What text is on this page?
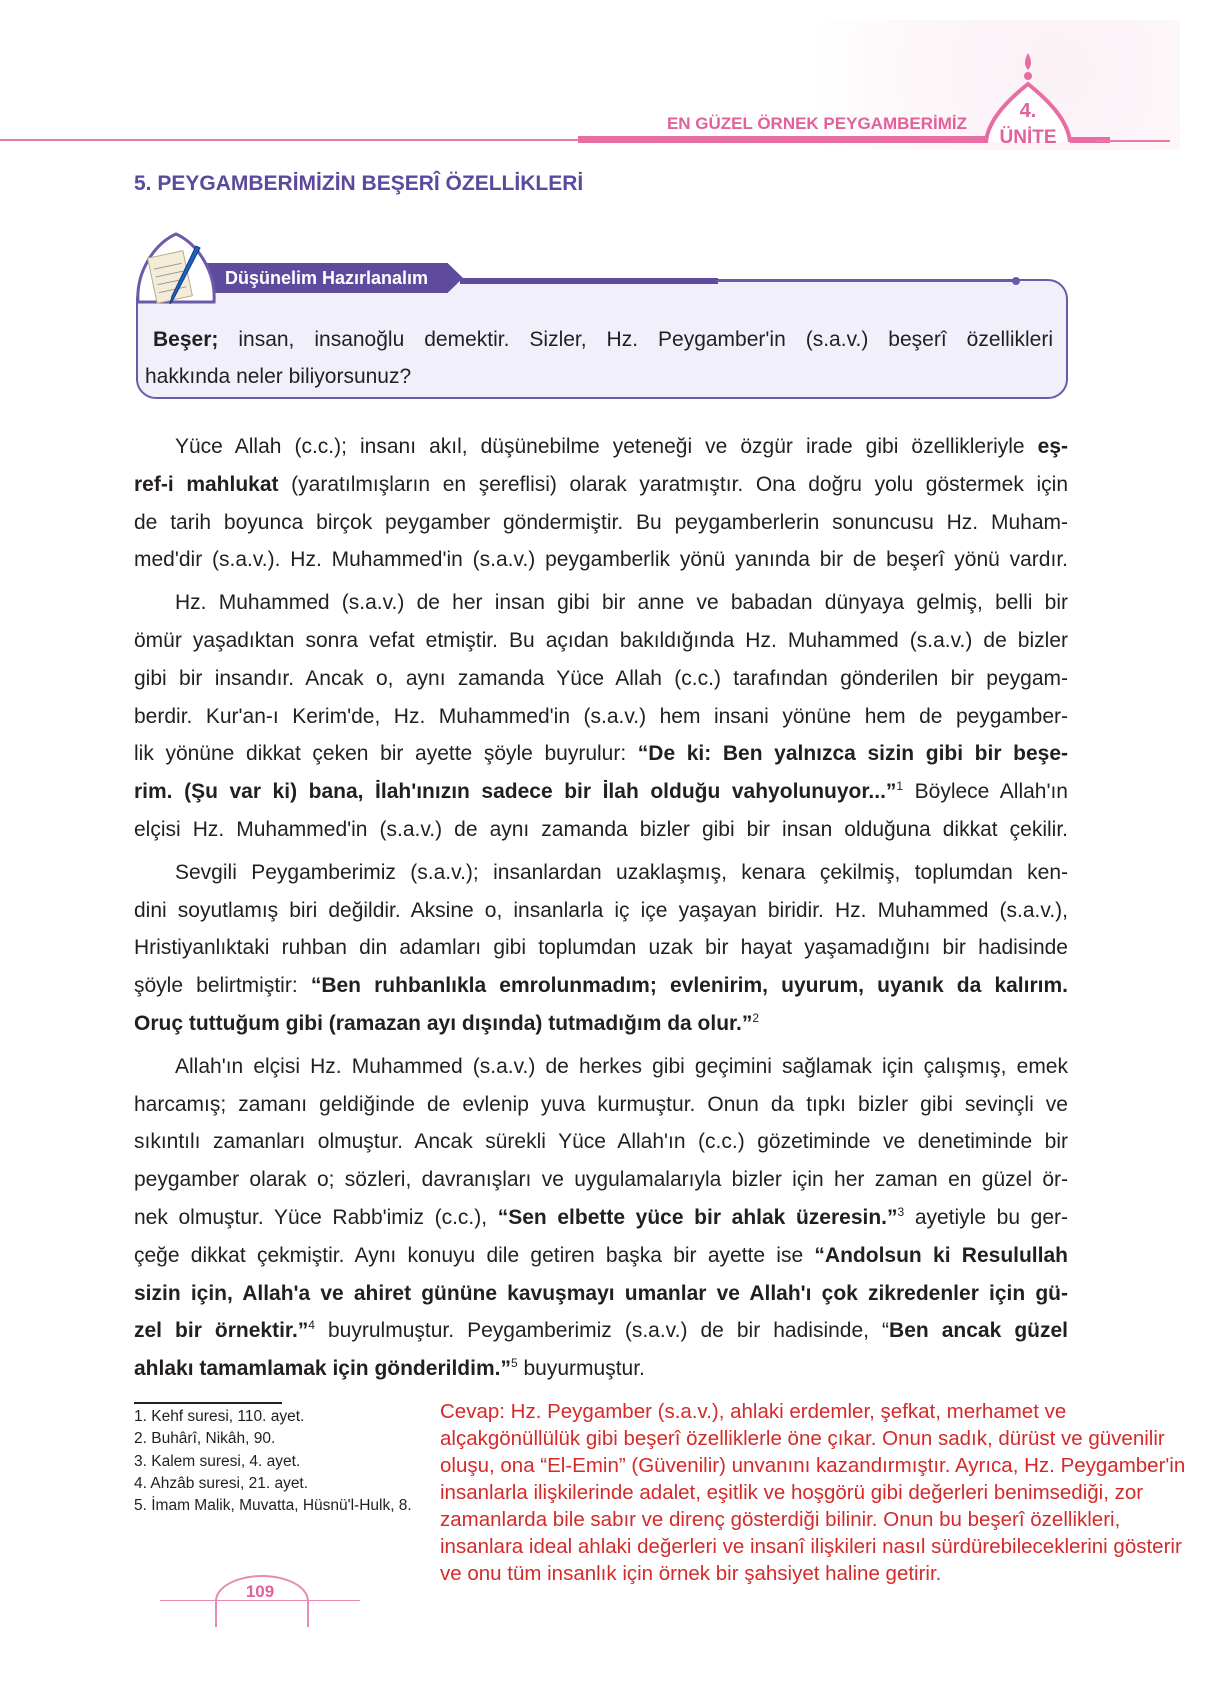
EN GÜZEL ÖRNEK PEYGAMBERİMİZ
4.
ÜNİTE
5. PEYGAMBERİMİZİN BEŞERÎ ÖZELLİKLERİ
Düşünelim Hazırlanalım
Beşer; insan, insanoğlu demektir. Sizler, Hz. Peygamber'in (s.a.v.) beşerî özellikleri
hakkında neler biliyorsunuz?
Yüce Allah (c.c.); insanı akıl, düşünebilme yeteneği ve özgür irade gibi özellikleriyle eş-
ref-i mahlukat (yaratılmışların en şereflisi) olarak yaratmıştır. Ona doğru yolu göstermek için
de tarih boyunca birçok peygamber göndermiştir. Bu peygamberlerin sonuncusu Hz. Muham-
med'dir (s.a.v.). Hz. Muhammed'in (s.a.v.) peygamberlik yönü yanında bir de beşerî yönü vardır.
Hz. Muhammed (s.a.v.) de her insan gibi bir anne ve babadan dünyaya gelmiş, belli bir
ömür yaşadıktan sonra vefat etmiştir. Bu açıdan bakıldığında Hz. Muhammed (s.a.v.) de bizler
gibi bir insandır. Ancak o, aynı zamanda Yüce Allah (c.c.) tarafından gönderilen bir peygam-
berdir. Kur'an-ı Kerim'de, Hz. Muhammed'in (s.a.v.) hem insani yönüne hem de peygamber-
lik yönüne dikkat çeken bir ayette şöyle buyrulur: “De ki: Ben yalnızca sizin gibi bir beşe-
rim. (Şu var ki) bana, İlah'ınızın sadece bir İlah olduğu vahyolunuyor...”$^1$ Böylece Allah'ın
elçisi Hz. Muhammed'in (s.a.v.) de aynı zamanda bizler gibi bir insan olduğuna dikkat çekilir.
Sevgili Peygamberimiz (s.a.v.); insanlardan uzaklaşmış, kenara çekilmiş, toplumdan ken-
dini soyutlamış biri değildir. Aksine o, insanlarla iç içe yaşayan biridir. Hz. Muhammed (s.a.v.),
Hristiyanlıktaki ruhban din adamları gibi toplumdan uzak bir hayat yaşamadığını bir hadisinde
şöyle belirtmiştir: “Ben ruhbanlıkla emrolunmadım; evlenirim, uyurum, uyanık da kalırım.
Oruç tuttuğum gibi (ramazan ayı dışında) tutmadığım da olur.”$^2$
Allah'ın elçisi Hz. Muhammed (s.a.v.) de herkes gibi geçimini sağlamak için çalışmış, emek
harcamış; zamanı geldiğinde de evlenip yuva kurmuştur. Onun da tıpkı bizler gibi sevinçli ve
sıkıntılı zamanları olmuştur. Ancak sürekli Yüce Allah'ın (c.c.) gözetiminde ve denetiminde bir
peygamber olarak o; sözleri, davranışları ve uygulamalarıyla bizler için her zaman en güzel ör-
nek olmuştur. Yüce Rabb'imiz (c.c.), “Sen elbette yüce bir ahlak üzeresin.”$^3$ ayetiyle bu ger-
çeğe dikkat çekmiştir. Aynı konuyu dile getiren başka bir ayette ise “Andolsun ki Resulullah
sizin için, Allah'a ve ahiret gününe kavuşmayı umanlar ve Allah'ı çok zikredenler için gü-
zel bir örnektir.”$^4$ buyrulmuştur. Peygamberimiz (s.a.v.) de bir hadisinde, “Ben ancak güzel
ahlakı tamamlamak için gönderildim.”$^5$ buyurmuştur.
1. Kehf suresi, 110. ayet.
2. Buhârî, Nikâh, 90.
3. Kalem suresi, 4. ayet.
4. Ahzâb suresi, 21. ayet.
5. İmam Malik, Muvatta, Hüsnü'l-Hulk, 8.
109
Cevap: Hz. Peygamber (s.a.v.), ahlaki erdemler, şefkat, merhamet ve alçakgönüllülük gibi beşerî özelliklerle öne çıkar. Onun sadık, dürüst ve güvenilir oluşu, ona “El-Emin” (Güvenilir) unvanını kazandırmıştır. Ayrıca, Hz. Peygamber'in insanlarla ilişkilerinde adalet, eşitlik ve hoşgörü gibi değerleri benimsediği, zor zamanlarda bile sabır ve direnç gösterdiği bilinir. Onun bu beşerî özellikleri, insanlara ideal ahlaki değerleri ve insanî ilişkileri nasıl sürdürebileceklerini gösterir ve onu tüm insanlık için örnek bir şahsiyet haline getirir.
